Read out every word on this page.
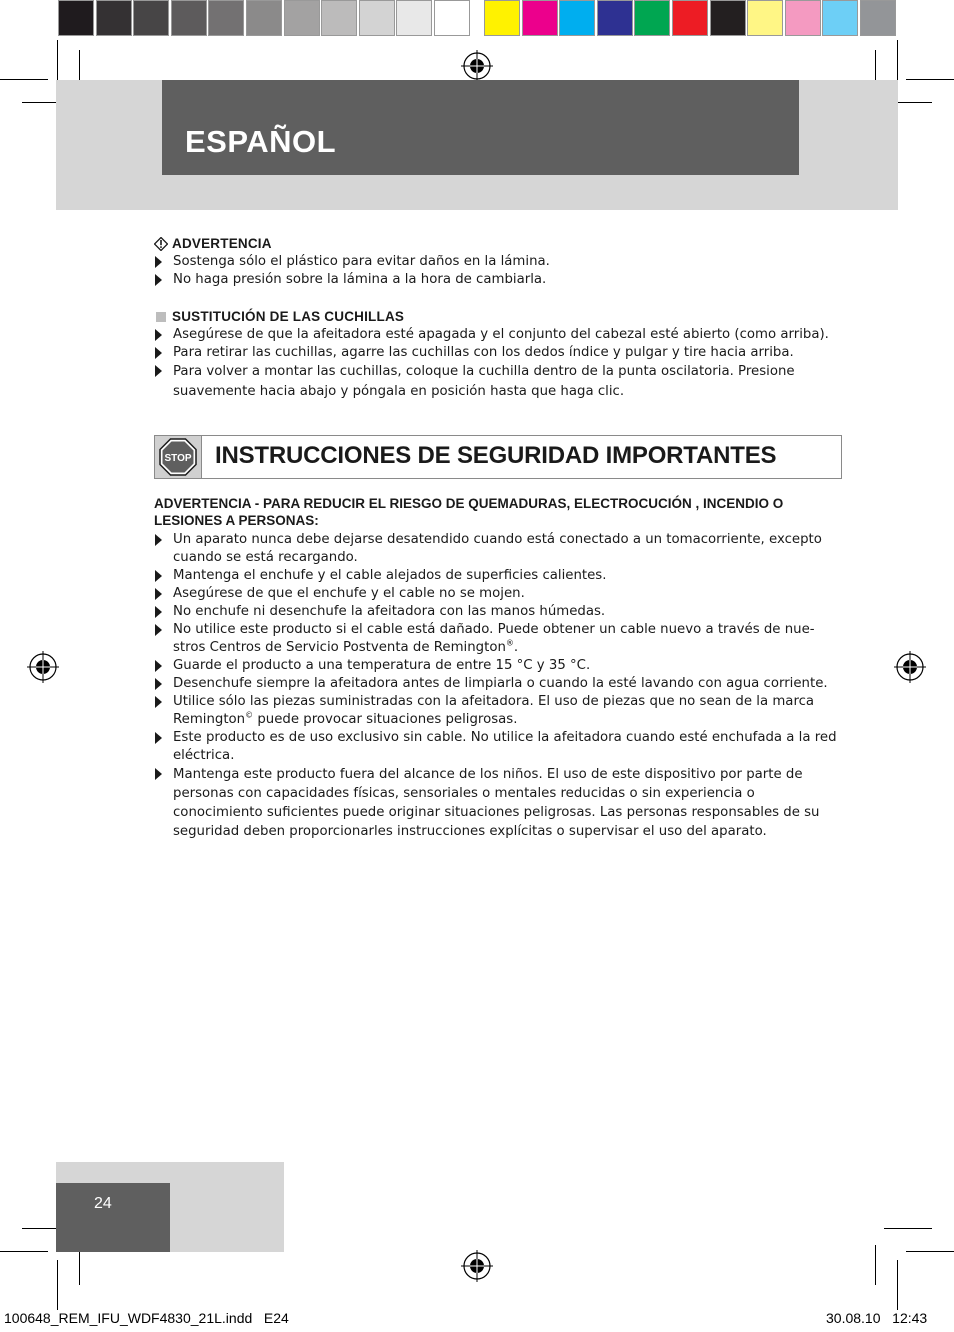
ESPAÑOL
ADVERTENCIA
Sostenga sólo el plástico para evitar daños en la lámina.
No haga presión sobre la lámina a la hora de cambiarla.
SUSTITUCIÓN DE LAS CUCHILLAS
Asegúrese de que la afeitadora esté apagada y el conjunto del cabezal esté abierto (como arriba).
Para retirar las cuchillas, agarre las cuchillas con los dedos índice y pulgar y tire hacia arriba.
Para volver a montar las cuchillas, coloque la cuchilla dentro de la punta oscilatoria. Presione suavemente hacia abajo y póngala en posición hasta que haga clic.
STOP INSTRUCCIONES DE SEGURIDAD IMPORTANTES
ADVERTENCIA - PARA REDUCIR EL RIESGO DE QUEMADURAS, ELECTROCUCIÓN , INCENDIO O LESIONES A PERSONAS:
Un aparato nunca debe dejarse desatendido cuando está conectado a un tomacorriente, excepto cuando se está recargando.
Mantenga el enchufe y el cable alejados de superficies calientes.
Asegúrese de que el enchufe y el cable no se mojen.
No enchufe ni desenchufe la afeitadora con las manos húmedas.
No utilice este producto si el cable está dañado. Puede obtener un cable nuevo a través de nue-stros Centros de Servicio Postventa de Remington®.
Guarde el producto a una temperatura de entre 15 °C y 35 °C.
Desenchufe siempre la afeitadora antes de limpiarla o cuando la esté lavando con agua corriente.
Utilice sólo las piezas suministradas con la afeitadora. El uso de piezas que no sean de la marca Remington© puede provocar situaciones peligrosas.
Este producto es de uso exclusivo sin cable. No utilice la afeitadora cuando esté enchufada a la red eléctrica.
Mantenga este producto fuera del alcance de los niños. El uso de este dispositivo por parte de personas con capacidades físicas, sensoriales o mentales reducidas o sin experiencia o conocimiento suficientes puede originar situaciones peligrosas. Las personas responsables de su seguridad deben proporcionarles instrucciones explícitas o supervisar el uso del aparato.
24
100648_REM_IFU_WDF4830_21L.indd   E24	30.08.10   12:43
